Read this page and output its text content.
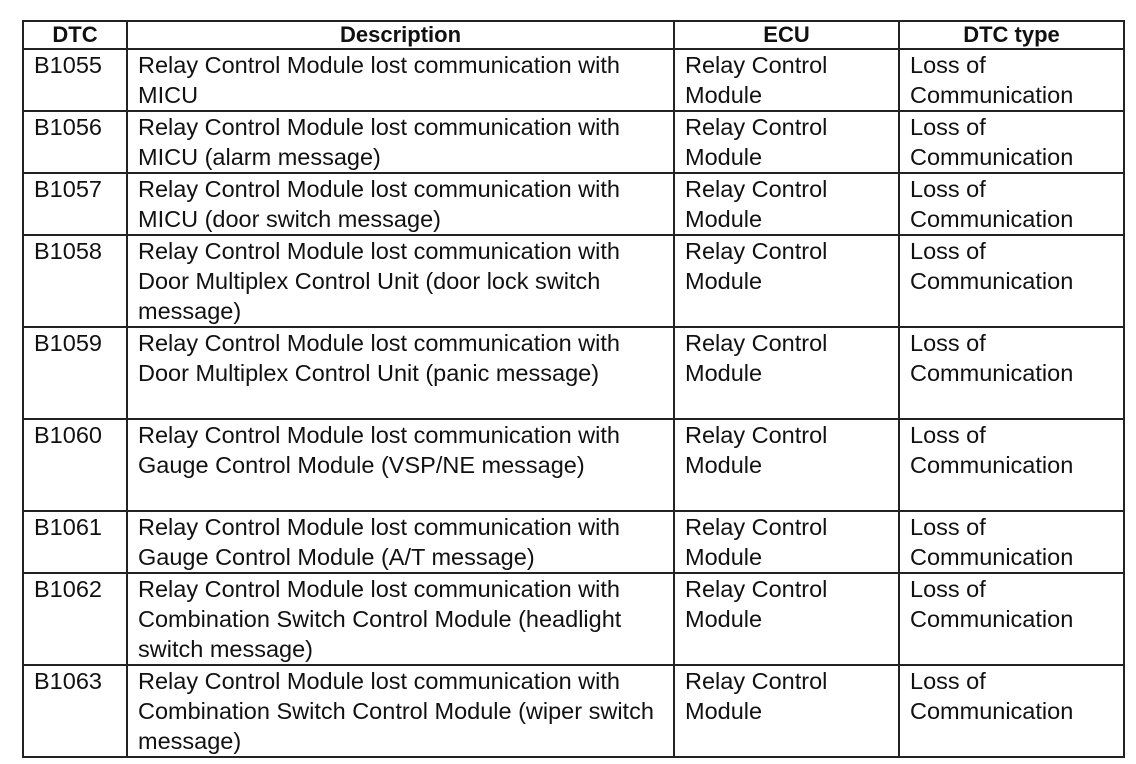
DTC	Description	ECU	DTC type
B1055	Relay Control Module lost communication with MICU	Relay Control Module	Loss of Communication
B1056	Relay Control Module lost communication with MICU (alarm message)	Relay Control Module	Loss of Communication
B1057	Relay Control Module lost communication with MICU (door switch message)	Relay Control Module	Loss of Communication
B1058	Relay Control Module lost communication with Door Multiplex Control Unit (door lock switch message)	Relay Control Module	Loss of Communication
B1059	Relay Control Module lost communication with Door Multiplex Control Unit (panic message)	Relay Control Module	Loss of Communication
B1060	Relay Control Module lost communication with Gauge Control Module (VSP/NE message)	Relay Control Module	Loss of Communication
B1061	Relay Control Module lost communication with Gauge Control Module (A/T message)	Relay Control Module	Loss of Communication
B1062	Relay Control Module lost communication with Combination Switch Control Module (headlight switch message)	Relay Control Module	Loss of Communication
B1063	Relay Control Module lost communication with Combination Switch Control Module (wiper switch message)	Relay Control Module	Loss of Communication
